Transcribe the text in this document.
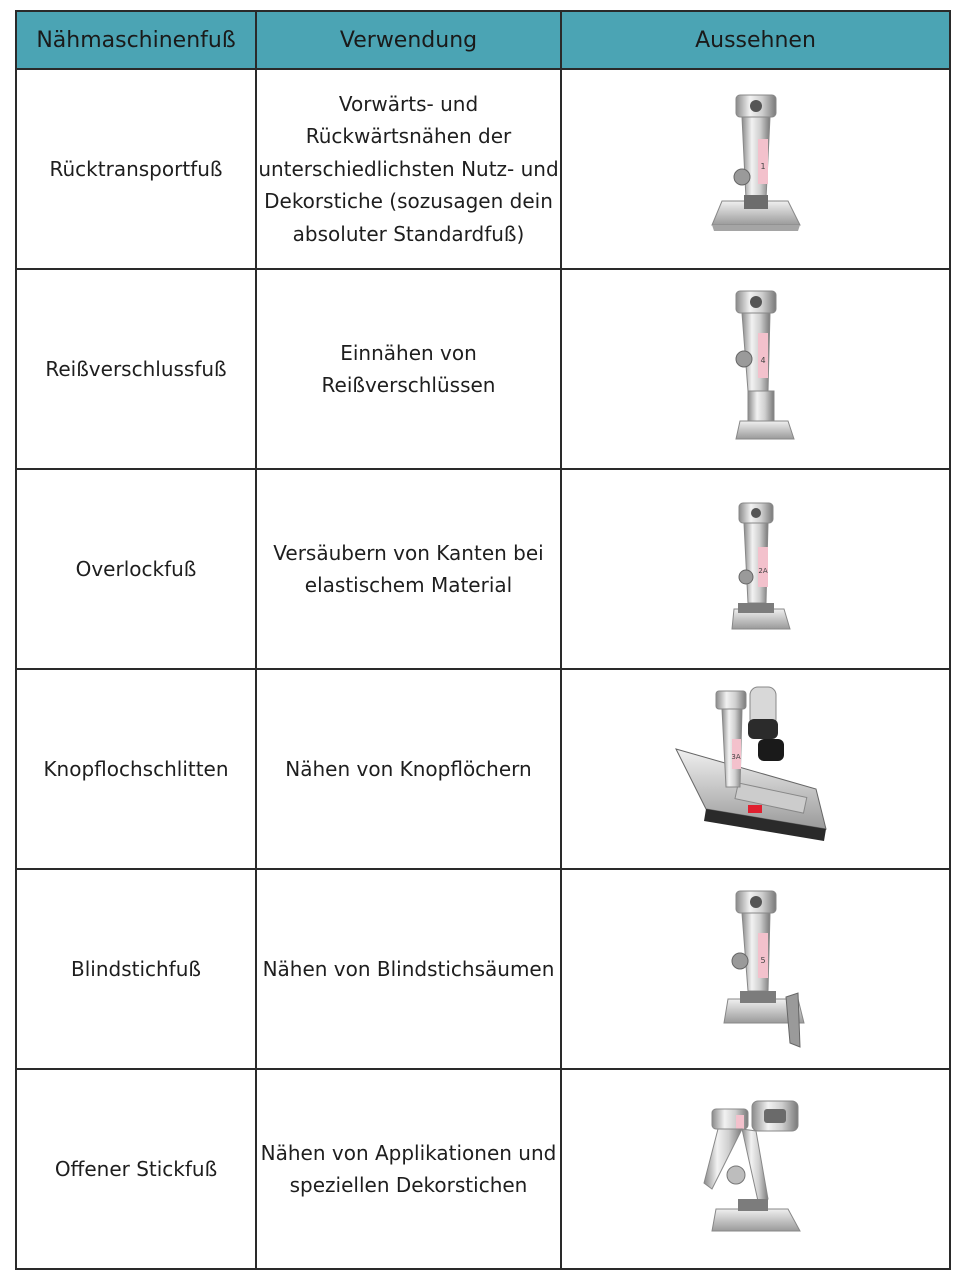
Nähmaschinenfuß	Verwendung	Aussehnen
Rücktransportfuß	Vorwärts- und Rückwärtsnähen der unterschiedlichsten Nutz- und Dekorstiche (sozusagen dein absoluter Standardfuß)	1

Reißverschlussfuß	Einnähen von Reißverschlüssen	4

Overlockfuß	Versäubern von Kanten bei elastischem Material	2A

Knopflochschlitten	Nähen von Knopflöchern	3A

Blindstichfuß	Nähen von Blindstichsäumen	5

Offener Stickfuß	Nähen von Applikationen und speziellen Dekorstichen	
